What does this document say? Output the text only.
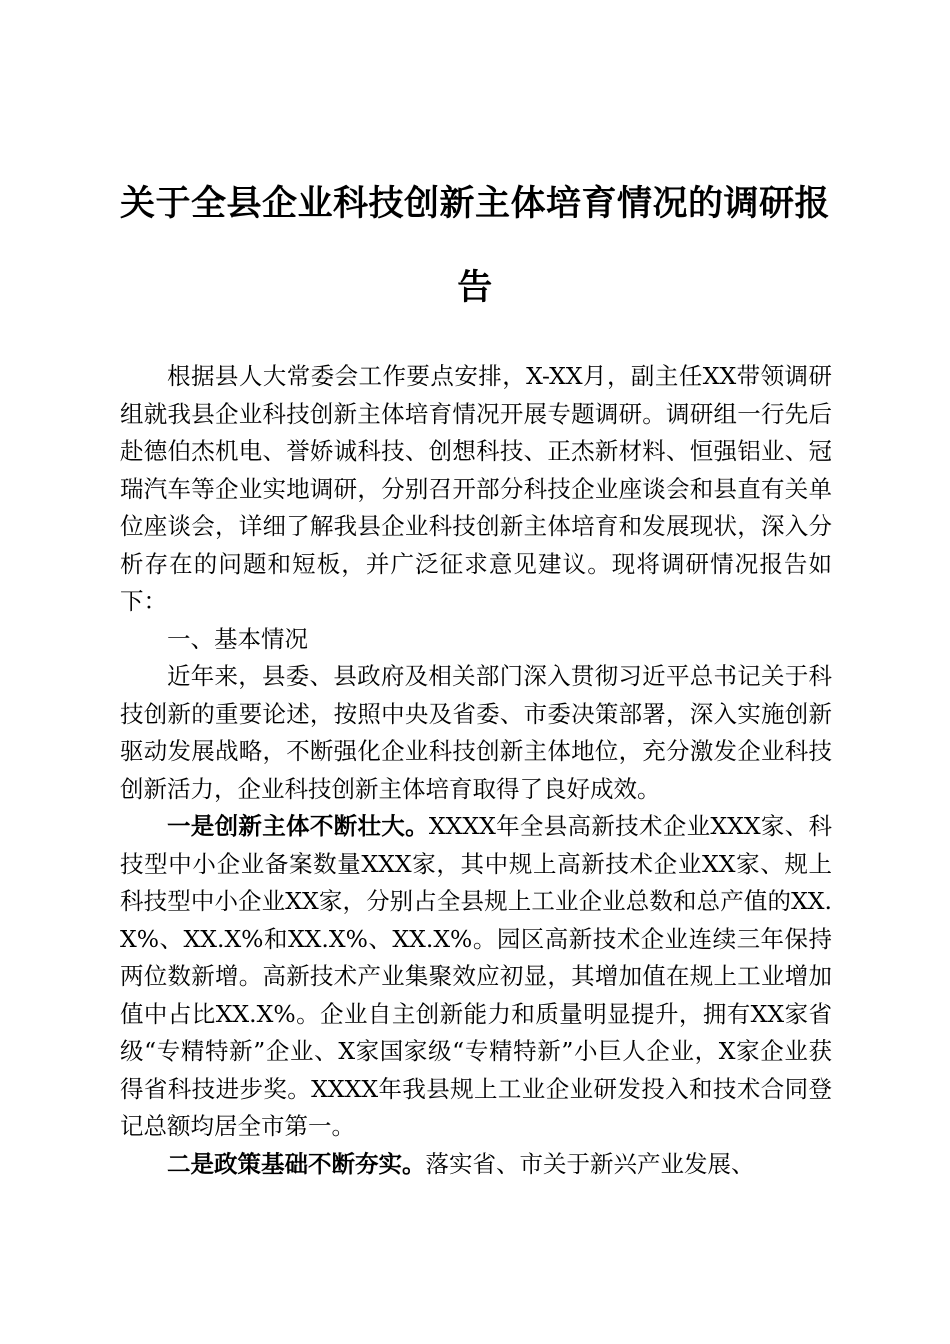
关于全县企业科技创新主体培育情况的调研报告

根据县人大常委会工作要点安排，X-XX月，副主任XX带领调研组就我县企业科技创新主体培育情况开展专题调研。调研组一行先后赴德伯杰机电、誉娇诚科技、创想科技、正杰新材料、恒强铝业、冠瑞汽车等企业实地调研，分别召开部分科技企业座谈会和县直有关单位座谈会，详细了解我县企业科技创新主体培育和发展现状，深入分析存在的问题和短板，并广泛征求意见建议。现将调研情况报告如下：

一、基本情况

近年来，县委、县政府及相关部门深入贯彻习近平总书记关于科技创新的重要论述，按照中央及省委、市委决策部署，深入实施创新驱动发展战略，不断强化企业科技创新主体地位，充分激发企业科技创新活力，企业科技创新主体培育取得了良好成效。

一是创新主体不断壮大。XXXX年全县高新技术企业XXX家、科技型中小企业备案数量XXX家，其中规上高新技术企业XX家、规上科技型中小企业XX家，分别占全县规上工业企业总数和总产值的XX.X%、XX.X%和XX.X%、XX.X%。园区高新技术企业连续三年保持两位数新增。高新技术产业集聚效应初显，其增加值在规上工业增加值中占比XX.X%。企业自主创新能力和质量明显提升，拥有XX家省级“专精特新”企业、X家国家级“专精特新”小巨人企业，X家企业获得省科技进步奖。XXXX年我县规上工业企业研发投入和技术合同登记总额均居全市第一。

二是政策基础不断夯实。落实省、市关于新兴产业发展、
